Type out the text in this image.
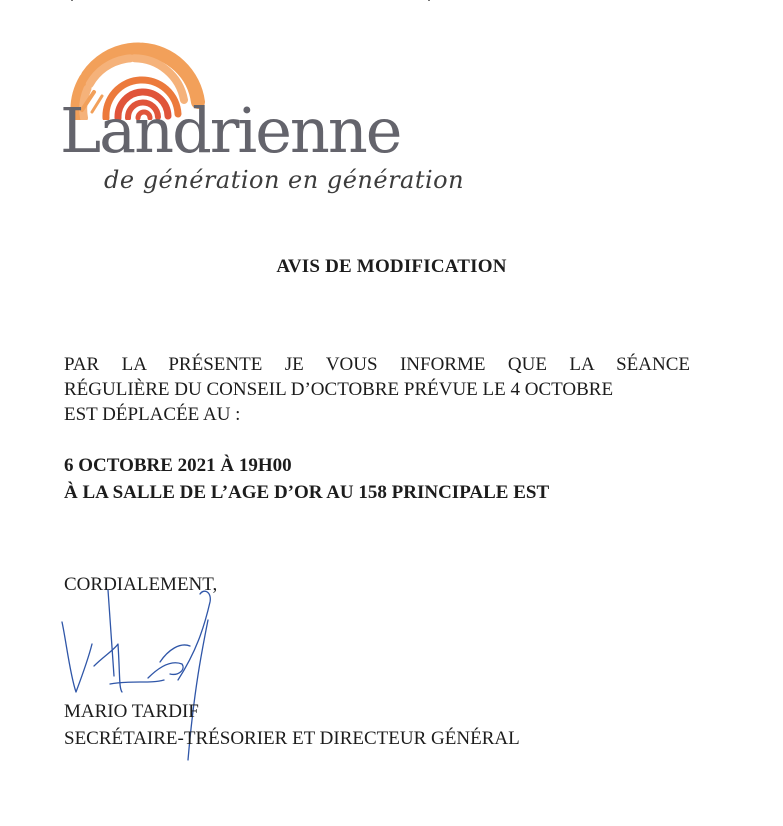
Landrienne
de génération en génération
AVIS DE MODIFICATION
PAR LA PRÉSENTE JE VOUS INFORME QUE LA SÉANCE
RÉGULIÈRE DU CONSEIL D’OCTOBRE PRÉVUE LE 4 OCTOBRE
EST DÉPLACÉE AU :
6 OCTOBRE 2021 À 19H00
À LA SALLE DE L’AGE D’OR AU 158 PRINCIPALE EST
CORDIALEMENT,
MARIO TARDIF
SECRÉTAIRE-TRÉSORIER ET DIRECTEUR GÉNÉRAL
